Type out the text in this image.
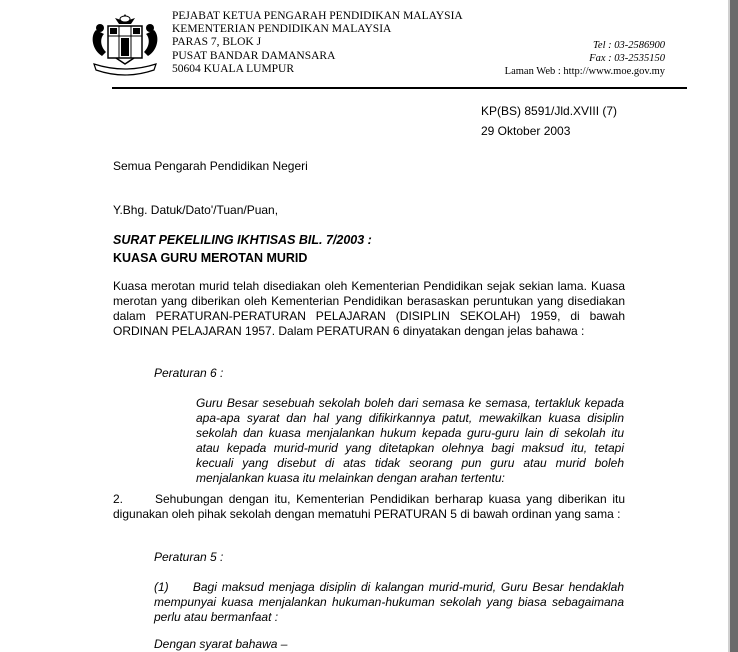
PEJABAT KETUA PENGARAH PENDIDIKAN MALAYSIA
KEMENTERIAN PENDIDIKAN MALAYSIA
PARAS 7, BLOK J
PUSAT BANDAR DAMANSARA
50604 KUALA LUMPUR
Tel : 03-2586900
Fax : 03-2535150
Laman Web : http://www.moe.gov.my
KP(BS) 8591/Jld.XVIII (7)
29 Oktober 2003
Semua Pengarah Pendidikan Negeri
Y.Bhg. Datuk/Dato'/Tuan/Puan,
SURAT PEKELILING IKHTISAS BIL. 7/2003 :
KUASA GURU MEROTAN MURID
Kuasa merotan murid telah disediakan oleh Kementerian Pendidikan sejak sekian lama. Kuasa merotan yang diberikan oleh Kementerian Pendidikan berasaskan peruntukan yang disediakan dalam PERATURAN-PERATURAN PELAJARAN (DISIPLIN SEKOLAH) 1959, di bawah ORDINAN PELAJARAN 1957. Dalam PERATURAN 6 dinyatakan dengan jelas bahawa :
Peraturan 6 :
Guru Besar sesebuah sekolah boleh dari semasa ke semasa, tertakluk kepada apa-apa syarat dan hal yang difikirkannya patut, mewakilkan kuasa disiplin sekolah dan kuasa menjalankan hukum kepada guru-guru lain di sekolah itu atau kepada murid-murid yang ditetapkan olehnya bagi maksud itu, tetapi kecuali yang disebut di atas tidak seorang pun guru atau murid boleh menjalankan kuasa itu melainkan dengan arahan tertentu:
2.	Sehubungan dengan itu, Kementerian Pendidikan berharap kuasa yang diberikan itu digunakan oleh pihak sekolah dengan mematuhi PERATURAN 5 di bawah ordinan yang sama :
Peraturan 5 :
(1)     Bagi maksud menjaga disiplin di kalangan murid-murid, Guru Besar hendaklah mempunyai kuasa menjalankan hukuman-hukuman sekolah yang biasa sebagaimana perlu atau bermanfaat :
Dengan syarat bahawa –
